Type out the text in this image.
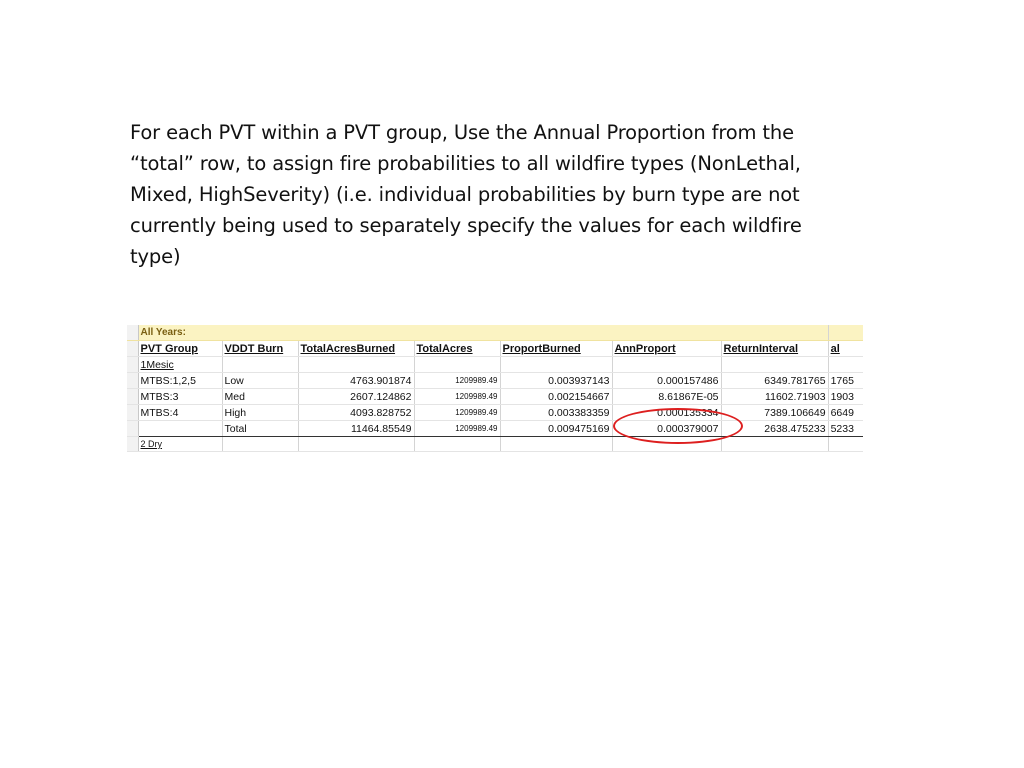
For each PVT within a PVT group, Use the Annual Proportion from the
“total” row, to assign fire probabilities to all wildfire types (NonLethal,
Mixed, HighSeverity) (i.e. individual probabilities by burn type are not
currently being used to separately specify the values for each wildfire
type)
	All Years:							
	PVT Group	VDDT Burn	TotalAcresBurned	TotalAcres	ProportBurned	AnnProport	ReturnInterval	al
	1Mesic							
	MTBS:1,2,5	Low	4763.901874	1209989.49	0.003937143	0.000157486	6349.781765	1765
	MTBS:3	Med	2607.124862	1209989.49	0.002154667	8.61867E-05	11602.71903	1903
	MTBS:4	High	4093.828752	1209989.49	0.003383359	0.000135334	7389.106649	6649
		Total	11464.85549	1209989.49	0.009475169	0.000379007	2638.475233	5233
	2 Dry							
